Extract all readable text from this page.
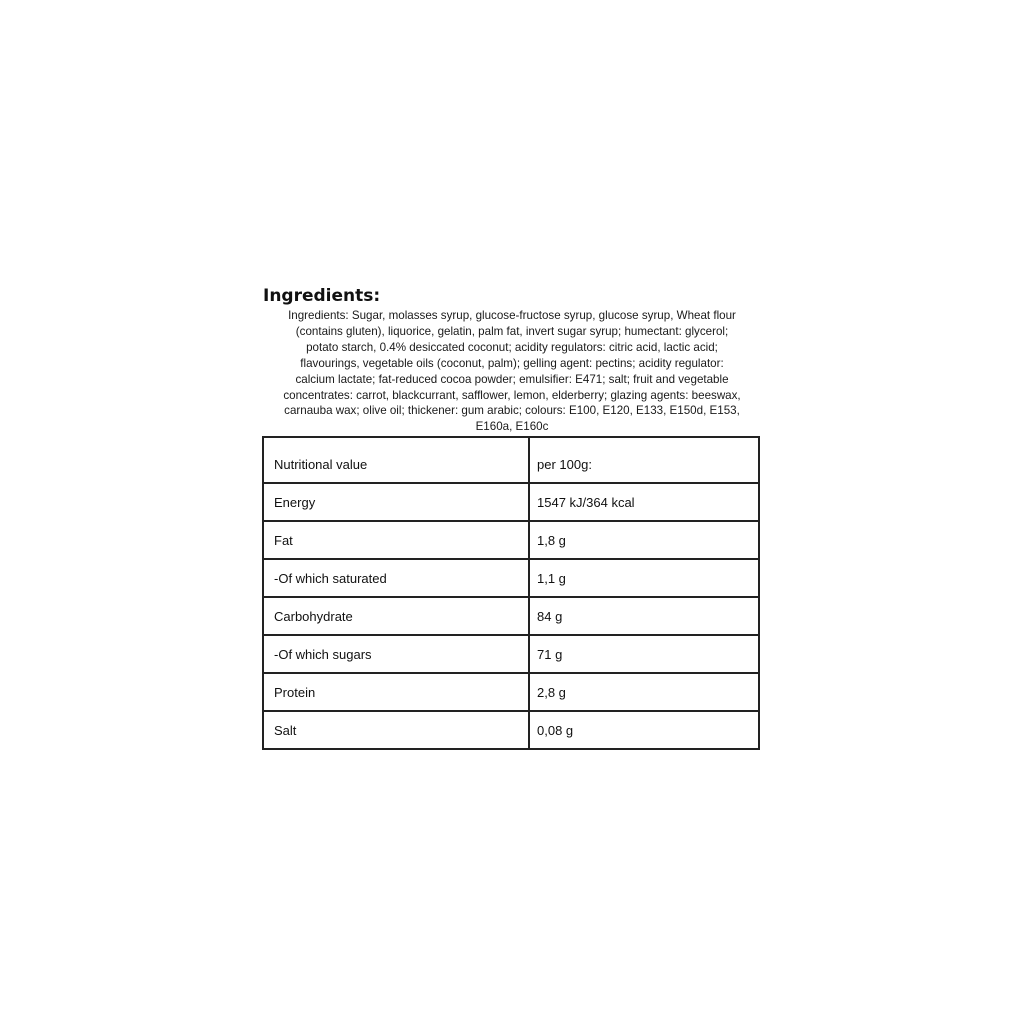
Ingredients:

Ingredients: Sugar, molasses syrup, glucose-fructose syrup, glucose syrup, Wheat flour
(contains gluten), liquorice, gelatin, palm fat, invert sugar syrup; humectant: glycerol;
potato starch, 0.4% desiccated coconut; acidity regulators: citric acid, lactic acid;
flavourings, vegetable oils (coconut, palm); gelling agent: pectins; acidity regulator:
calcium lactate; fat-reduced cocoa powder; emulsifier: E471; salt; fruit and vegetable
concentrates: carrot, blackcurrant, safflower, lemon, elderberry; glazing agents: beeswax,
carnauba wax; olive oil; thickener: gum arabic; colours: E100, E120, E133, E150d, E153,
E160a, E160c

Nutritional value	per 100g:
Energy	1547 kJ/364 kcal
Fat	1,8 g
-Of which saturated	1,1 g
Carbohydrate	84 g
-Of which sugars	71 g
Protein	2,8 g
Salt	0,08 g
